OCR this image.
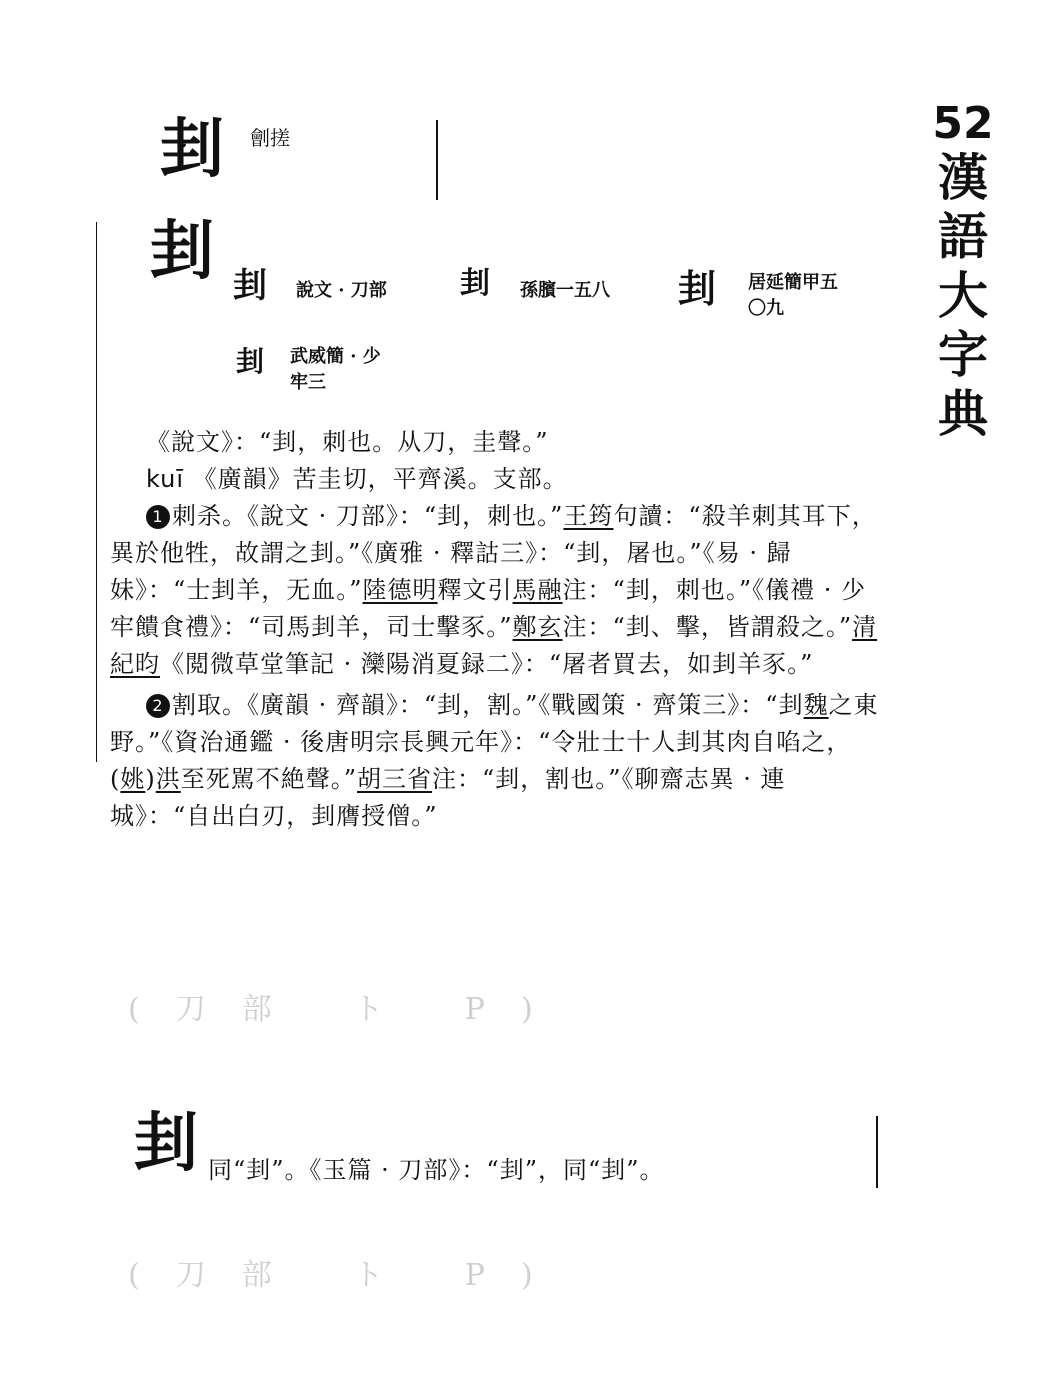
52
漢
語
大
字
典
刲 劊搓
刲 刲 說文 · 刀部 刲 孫臏一五八 刲 居延簡甲五
〇九
刲 武威簡 · 少
牢三

《說文》：“刲，刺也。从刀，圭聲。”

kuī 《廣韻》苦圭切，平齊溪。支部。

1 刺杀。《說文 · 刀部》：“刲，刺也。”王筠句讀：“殺羊刺其耳下，異於他牲，故謂之刲。”《廣雅 · 釋詁三》：“刲，屠也。”《易 · 歸妹》：“士刲羊，无血。”陸德明釋文引馬融注：“刲，刺也。”《儀禮 · 少牢饋食禮》：“司馬刲羊，司士擊豕。”鄭玄注：“刲、擊，皆謂殺之。”清紀昀《閲微草堂筆記 · 灤陽消夏録二》：“屠者買去，如刲羊豕。”

2 割取。《廣韻 · 齊韻》：“刲，割。”《戰國策 · 齊策三》：“刲魏之東野。”《資治通鑑 · 後唐明宗長興元年》：“令壯士十人刲其肉自啗之，(姚)洪至死駡不絶聲。”胡三省注：“刲，割也。”《聊齋志異 · 連城》：“自出白刃，刲膺授僧。”

(刀部 ト P)
刲 同“刲”。《玉篇 · 刀部》：“刲”，同“刲”。
(刀部 ト P)
